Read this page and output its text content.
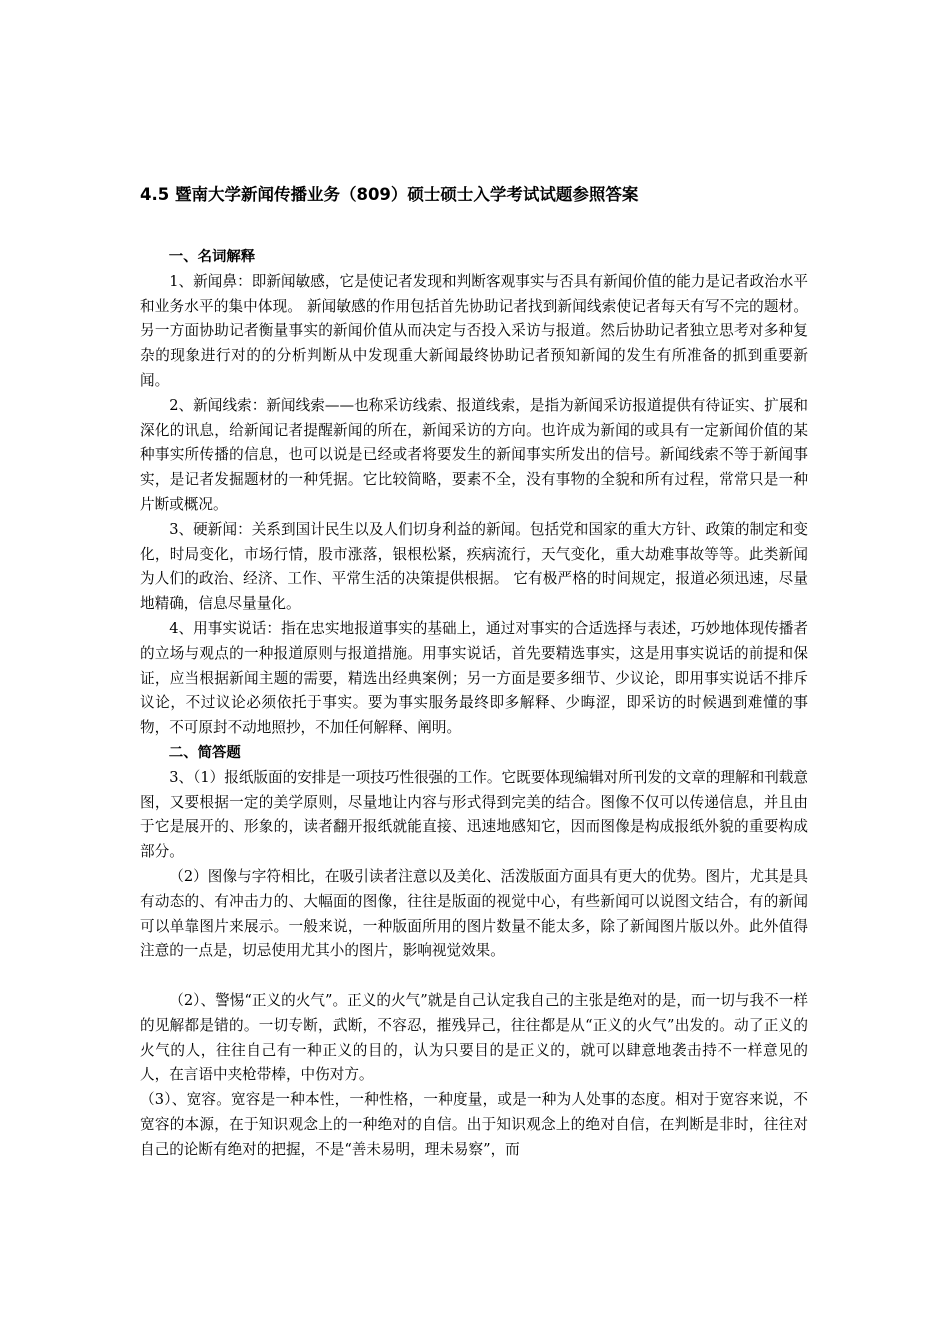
4.5 暨南大学新闻传播业务（809）硕士硕士入学考试试题参照答案

一、名词解释

1、新闻鼻：即新闻敏感，它是使记者发现和判断客观事实与否具有新闻价值的能力是记者政治水平和业务水平的集中体现。 新闻敏感的作用包括首先协助记者找到新闻线索使记者每天有写不完的题材。另一方面协助记者衡量事实的新闻价值从而决定与否投入采访与报道。然后协助记者独立思考对多种复杂的现象进行对的的分析判断从中发现重大新闻最终协助记者预知新闻的发生有所准备的抓到重要新闻。

2、新闻线索：新闻线索——也称采访线索、报道线索，是指为新闻采访报道提供有待证实、扩展和深化的讯息，给新闻记者提醒新闻的所在，新闻采访的方向。也许成为新闻的或具有一定新闻价值的某种事实所传播的信息，也可以说是已经或者将要发生的新闻事实所发出的信号。新闻线索不等于新闻事实，是记者发掘题材的一种凭据。它比较简略，要素不全，没有事物的全貌和所有过程，常常只是一种片断或概况。

3、硬新闻：关系到国计民生以及人们切身利益的新闻。包括党和国家的重大方针、政策的制定和变化，时局变化，市场行情，股市涨落，银根松紧，疾病流行，天气变化，重大劫难事故等等。此类新闻为人们的政治、经济、工作、平常生活的决策提供根据。 它有极严格的时间规定，报道必须迅速，尽量地精确，信息尽量量化。

4、用事实说话：指在忠实地报道事实的基础上，通过对事实的合适选择与表述，巧妙地体现传播者的立场与观点的一种报道原则与报道措施。用事实说话，首先要精选事实，这是用事实说话的前提和保证，应当根据新闻主题的需要，精选出经典案例；另一方面是要多细节、少议论，即用事实说话不排斥议论，不过议论必须依托于事实。要为事实服务最终即多解释、少晦涩，即采访的时候遇到难懂的事物，不可原封不动地照抄，不加任何解释、阐明。

二、简答题

3、（1）报纸版面的安排是一项技巧性很强的工作。它既要体现编辑对所刊发的文章的理解和刊载意图，又要根据一定的美学原则，尽量地让内容与形式得到完美的结合。图像不仅可以传递信息，并且由于它是展开的、形象的，读者翻开报纸就能直接、迅速地感知它，因而图像是构成报纸外貌的重要构成部分。

（2）图像与字符相比，在吸引读者注意以及美化、活泼版面方面具有更大的优势。图片，尤其是具有动态的、有冲击力的、大幅面的图像，往往是版面的视觉中心，有些新闻可以说图文结合，有的新闻可以单靠图片来展示。一般来说，一种版面所用的图片数量不能太多，除了新闻图片版以外。此外值得注意的一点是，切忌使用尤其小的图片，影响视觉效果。

（2）、警惕“正义的火气”。正义的火气”就是自己认定我自己的主张是绝对的是，而一切与我不一样的见解都是错的。一切专断，武断，不容忍，摧残异己，往往都是从“正义的火气”出发的。动了正义的火气的人，往往自己有一种正义的目的，认为只要目的是正义的，就可以肆意地袭击持不一样意见的人，在言语中夹枪带棒，中伤对方。

（3）、宽容。宽容是一种本性，一种性格，一种度量，或是一种为人处事的态度。相对于宽容来说，不宽容的本源，在于知识观念上的一种绝对的自信。出于知识观念上的绝对自信，在判断是非时，往往对自己的论断有绝对的把握，不是“善未易明，理未易察”，而
